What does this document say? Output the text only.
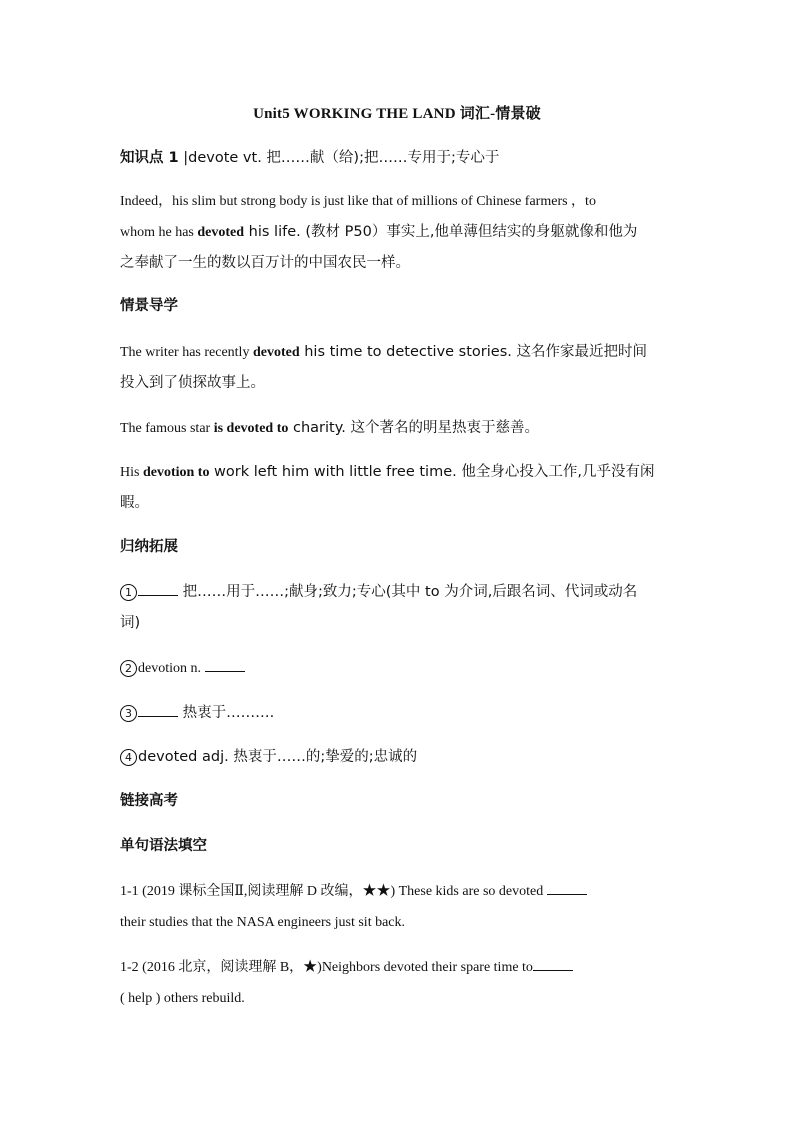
Unit5 WORKING THE LAND 词汇-情景破
知识点 1 |devote vt. 把……献（给);把……专用于;专心于
Indeed，his slim but strong body is just like that of millions of Chinese farmers ，to
whom he has devoted his life. (教材 P50）事实上,他单薄但结实的身躯就像和他为
之奉献了一生的数以百万计的中国农民一样。
情景导学
The writer has recently devoted his time to detective stories. 这名作家最近把时间
投入到了侦探故事上。
The famous star is devoted to charity. 这个著名的明星热衷于慈善。
His devotion to work left him with little free time. 他全身心投入工作,几乎没有闲
暇。
归纳拓展
1	把……用于……;献身;致力;专心(其中 to 为介词,后跟名词、代词或动名
词)
2 devotion n.
3	热衷于……….
4 devoted adj. 热衷于……的;挚爱的;忠诚的
链接高考
单句语法填空
1-1 (2019 课标全国Ⅱ,阅读理解 D 改编，★★) These kids are so devoted
their studies that the NASA engineers just sit back.
1-2 (2016 北京，阅读理解 B，★)Neighbors devoted their spare time to
( help ) others rebuild.
